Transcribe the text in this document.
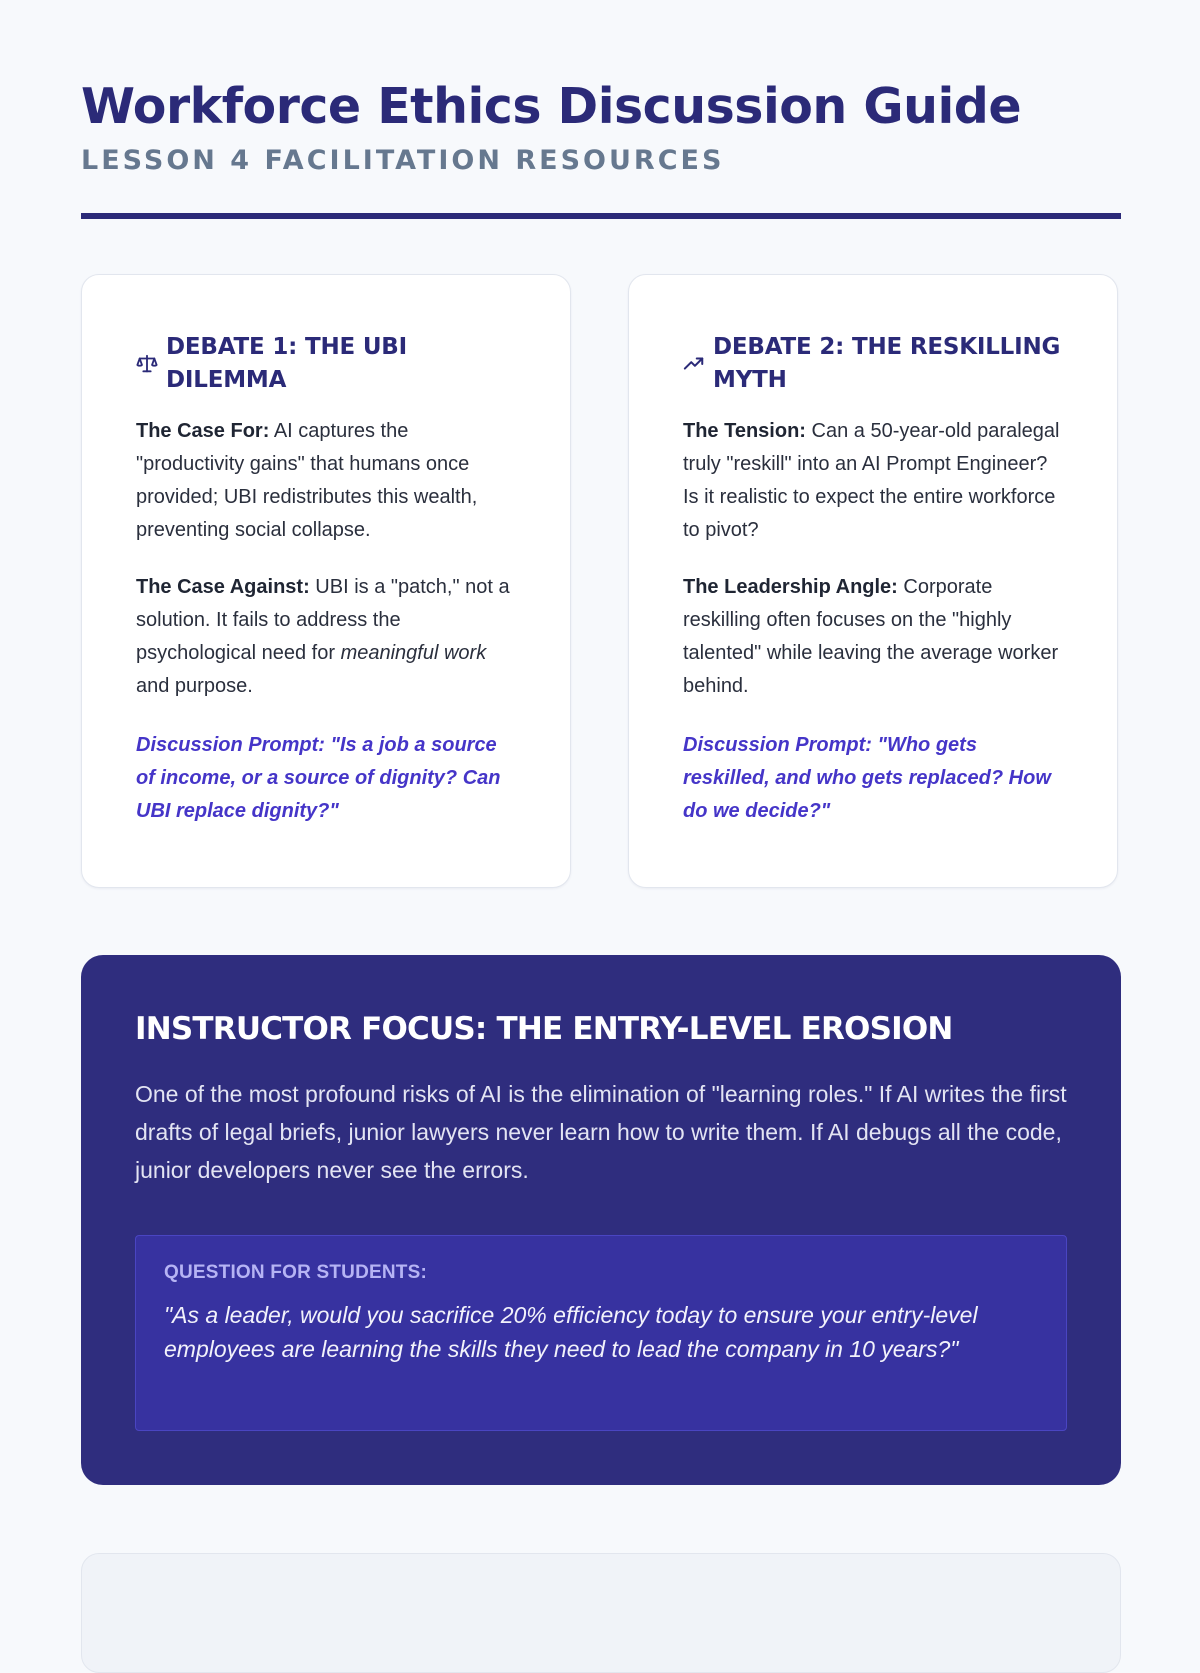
Workforce Ethics Discussion Guide
LESSON 4 FACILITATION RESOURCES
DEBATE 1: THE UBI DILEMMA

The Case For: AI captures the "productivity gains" that humans once provided; UBI redistributes this wealth, preventing social collapse.

The Case Against: UBI is a "patch," not a solution. It fails to address the psychological need for meaningful work and purpose.

Discussion Prompt: "Is a job a source of income, or a source of dignity? Can UBI replace dignity?"

DEBATE 2: THE RESKILLING MYTH

The Tension: Can a 50-year-old paralegal truly "reskill" into an AI Prompt Engineer? Is it realistic to expect the entire workforce to pivot?

The Leadership Angle: Corporate reskilling often focuses on the "highly talented" while leaving the average worker behind.

Discussion Prompt: "Who gets reskilled, and who gets replaced? How do we decide?"

INSTRUCTOR FOCUS: THE ENTRY-LEVEL EROSION

One of the most profound risks of AI is the elimination of "learning roles." If AI writes the first drafts of legal briefs, junior lawyers never learn how to write them. If AI debugs all the code, junior developers never see the errors.

QUESTION FOR STUDENTS:

"As a leader, would you sacrifice 20% efficiency today to ensure your entry-level employees are learning the skills they need to lead the company in 10 years?"
